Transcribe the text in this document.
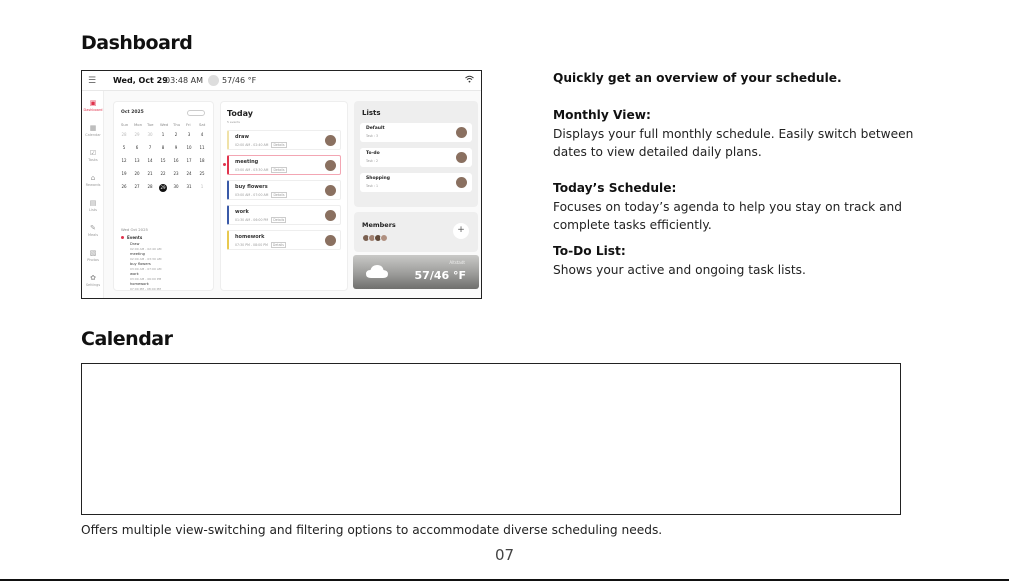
Dashboard
☰ Wed, Oct 29
03:48 AM 57/46 °F
▣
Dashboard
▦
Calendar
☑
Tasks
⌂
Rewards
▤
Lists
✎
Meals
▧
Photos
✿
Settings
Oct 2025
Wed Oct 2025
Events
Sun Mon Tue Wed Thu Fri Sat
28	29	30	1	2	3	4
5	6	7	8	9	10	11
12	13	14	15	16	17	18
19	20	21	22	23	24	25
26	27	28	29	30	31	1
Draw
02:00 AM - 02:40 AM
meeting
02:00 AM - 03:30 AM
buy flowers
03:00 AM - 07:00 AM
work
03:00 AM - 06:00 PM
homework
07:00 PM - 08:00 PM
Today
5 events
draw
02:00 AM - 02:40 AM Details
meeting
03:00 AM - 03:30 AM Details
buy flowers
03:00 AM - 07:00 AM Details
work
01:30 AM - 06:00 PM Details
homework
07:30 PM - 08:00 PM Details
Lists
Default
Task : 3
To-do
Task : 2
Shopping
Task : 1
Members	+
Altstadt
57/46 °F
Quickly get an overview of your schedule.
Monthly View:
Displays your full monthly schedule. Easily switch between
dates to view detailed daily plans.
Today’s Schedule:
Focuses on today’s agenda to help you stay on track and
complete tasks efficiently.
To-Do List:
Shows your active and ongoing task lists.
Calendar
Offers multiple view-switching and filtering options to accommodate diverse scheduling needs.
07
